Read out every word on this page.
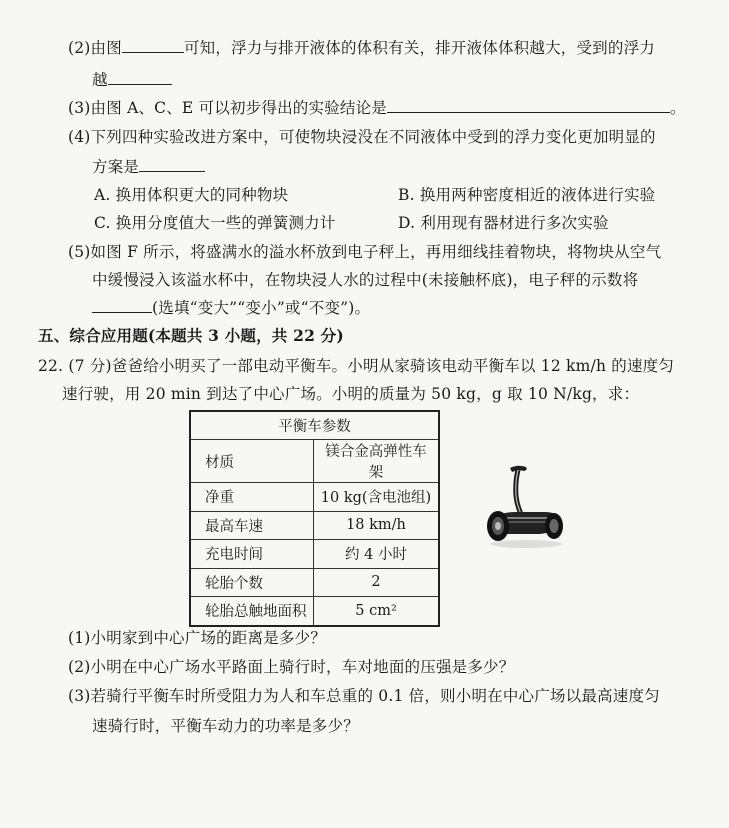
(2)由图	可知，浮力与排开液体的体积有关，排开液体体积越大，受到的浮力
越
(3)由图 A、C、E 可以初步得出的实验结论是	。
(4)下列四种实验改进方案中，可使物块浸没在不同液体中受到的浮力变化更加明显的
方案是
A. 换用体积更大的同种物块	B. 换用两种密度相近的液体进行实验
C. 换用分度值大一些的弹簧测力计	D. 利用现有器材进行多次实验
(5)如图 F 所示，将盛满水的溢水杯放到电子秤上，再用细线挂着物块，将物块从空气
中缓慢浸入该溢水杯中，在物块浸人水的过程中(未接触杯底)，电子秤的示数将
(选填“变大”“变小”或“不变”)。
五、综合应用题(本题共 3 小题，共 22 分)
22. (7 分)爸爸给小明买了一部电动平衡车。小明从家骑该电动平衡车以 12 km/h 的速度匀
速行驶，用 20 min 到达了中心广场。小明的质量为 50 kg，g 取 10 N/kg，求：
平衡车参数	
材质	镁合金高弹性车架
净重	10 kg(含电池组)
最高车速	18 km/h
充电时间	约 4 小时
轮胎个数	2
轮胎总触地面积	5 cm²
(1)小明家到中心广场的距离是多少？
(2)小明在中心广场水平路面上骑行时，车对地面的压强是多少？
(3)若骑行平衡车时所受阻力为人和车总重的 0.1 倍，则小明在中心广场以最高速度匀
速骑行时，平衡车动力的功率是多少？
